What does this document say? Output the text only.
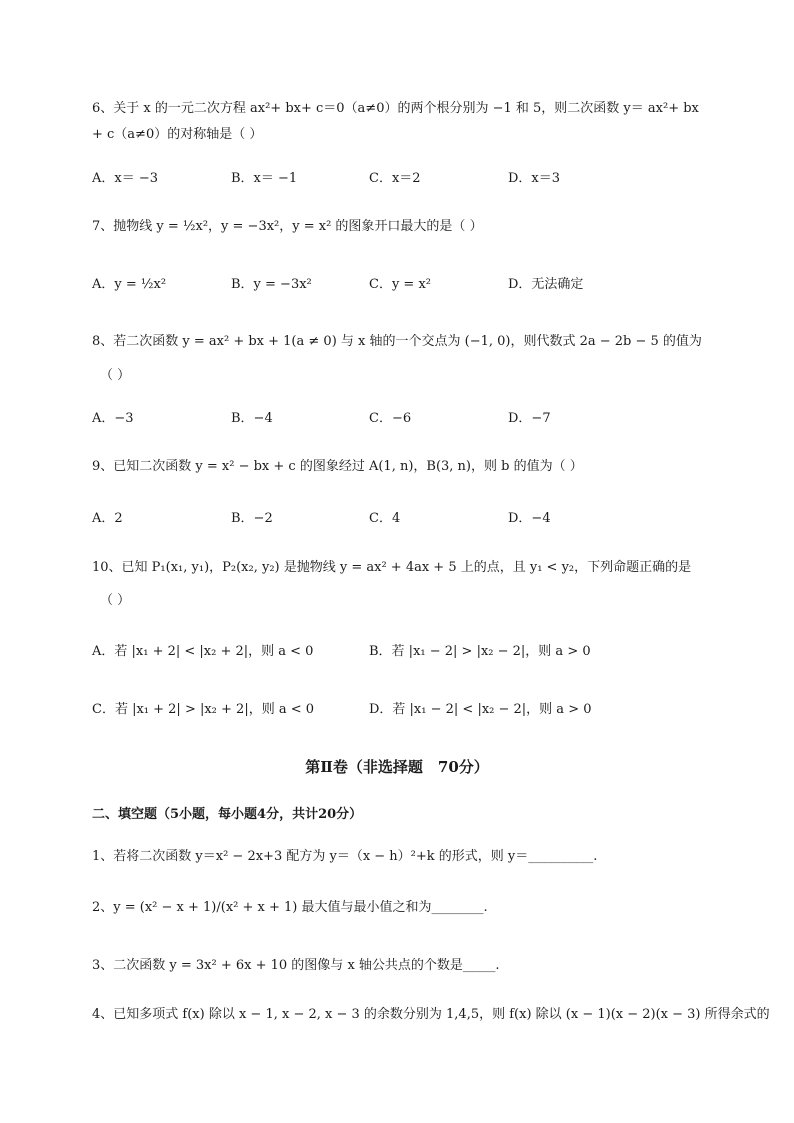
6、关于 x 的一元二次方程 ax²+ bx+ c＝0（a≠0）的两个根分别为 −1 和 5，则二次函数 y＝ ax²+ bx
+ c（a≠0）的对称轴是（ ）
A．x＝ −3	B．x＝ −1	C．x＝2	D．x＝3
7、抛物线 y = ½x²，y = −3x²，y = x² 的图象开口最大的是（ ）
A．y = ½x²	B．y = −3x²	C．y = x²	D．无法确定
8、若二次函数 y = ax² + bx + 1(a ≠ 0) 与 x 轴的一个交点为 (−1, 0)，则代数式 2a − 2b − 5 的值为
（ ）
A．−3	B．−4	C．−6	D．−7
9、已知二次函数 y = x² − bx + c 的图象经过 A(1, n)，B(3, n)，则 b 的值为（ ）
A．2	B．−2	C．4	D．−4
10、已知 P₁(x₁, y₁)，P₂(x₂, y₂) 是抛物线 y = ax² + 4ax + 5 上的点，且 y₁ < y₂，下列命题正确的是
（ ）
A．若 |x₁ + 2| < |x₂ + 2|，则 a < 0	B．若 |x₁ − 2| > |x₂ − 2|，则 a > 0
C．若 |x₁ + 2| > |x₂ + 2|，则 a < 0	D．若 |x₁ − 2| < |x₂ − 2|，则 a > 0
第Ⅱ卷（非选择题　70分）
二、填空题（5小题，每小题4分，共计20分）
1、若将二次函数 y＝x² − 2x+3 配方为 y＝（x − h）²+k 的形式，则 y＝__________.
2、y = (x² − x + 1)/(x² + x + 1) 最大值与最小值之和为________.
3、二次函数 y = 3x² + 6x + 10 的图像与 x 轴公共点的个数是_____.
4、已知多项式 f(x) 除以 x − 1, x − 2, x − 3 的余数分别为 1,4,5，则 f(x) 除以 (x − 1)(x − 2)(x − 3) 所得余式的
